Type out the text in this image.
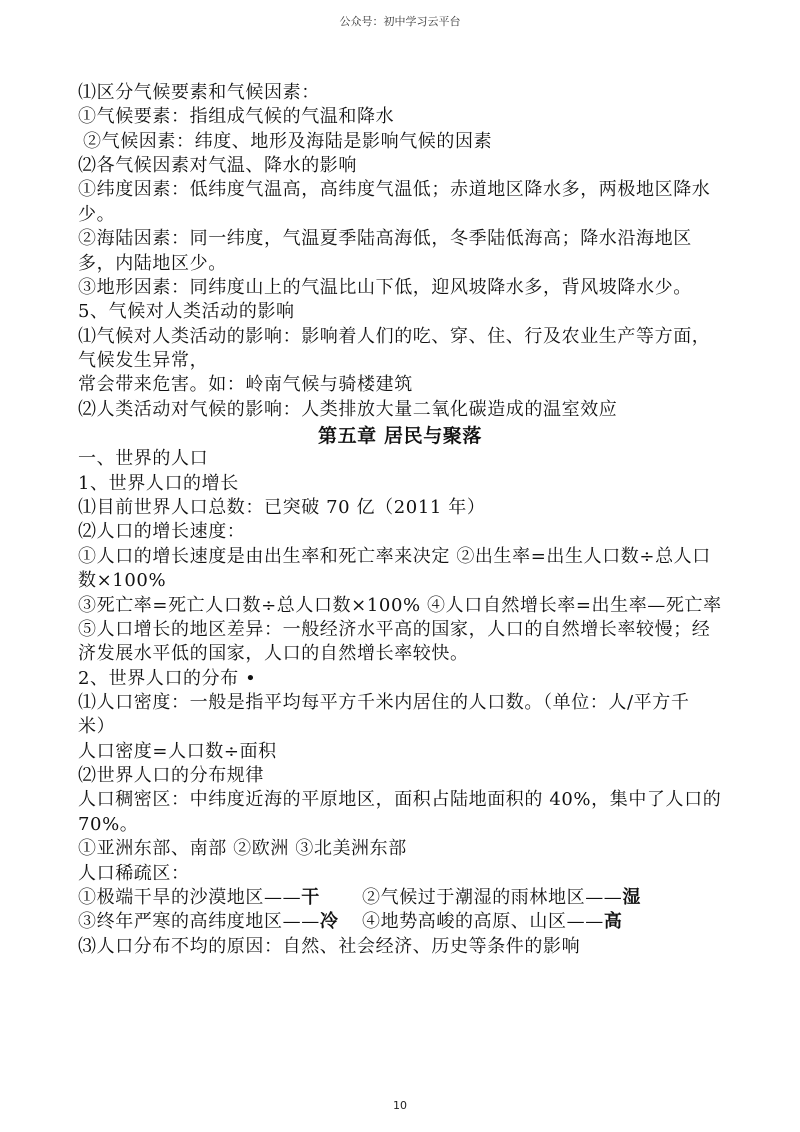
公众号：初中学习云平台
⑴区分气候要素和气候因素：
①气候要素：指组成气候的气温和降水
②气候因素：纬度、地形及海陆是影响气候的因素
⑵各气候因素对气温、降水的影响
①纬度因素：低纬度气温高，高纬度气温低；赤道地区降水多，两极地区降水
少。
②海陆因素：同一纬度，气温夏季陆高海低，冬季陆低海高；降水沿海地区
多，内陆地区少。
③地形因素：同纬度山上的气温比山下低，迎风坡降水多，背风坡降水少。
5、气候对人类活动的影响
⑴气候对人类活动的影响：影响着人们的吃、穿、住、行及农业生产等方面，
气候发生异常，
常会带来危害。如：岭南气候与骑楼建筑
⑵人类活动对气候的影响：人类排放大量二氧化碳造成的温室效应
第五章 居民与聚落
一、世界的人口
1、世界人口的增长
⑴目前世界人口总数：已突破 70 亿（2011 年）
⑵人口的增长速度：
①人口的增长速度是由出生率和死亡率来决定 ②出生率=出生人口数÷总人口
数×100%
③死亡率=死亡人口数÷总人口数×100% ④人口自然增长率=出生率—死亡率
⑤人口增长的地区差异：一般经济水平高的国家，人口的自然增长率较慢；经
济发展水平低的国家，人口的自然增长率较快。
2、世界人口的分布 •
⑴人口密度：一般是指平均每平方千米内居住的人口数。（单位：人/平方千
米）
人口密度=人口数÷面积
⑵世界人口的分布规律
人口稠密区：中纬度近海的平原地区，面积占陆地面积的 40%，集中了人口的
70%。
①亚洲东部、南部 ②欧洲 ③北美洲东部
人口稀疏区：
①极端干旱的沙漠地区——干 ②气候过于潮湿的雨林地区——湿
③终年严寒的高纬度地区——冷 ④地势高峻的高原、山区——高
⑶人口分布不均的原因：自然、社会经济、历史等条件的影响
10
